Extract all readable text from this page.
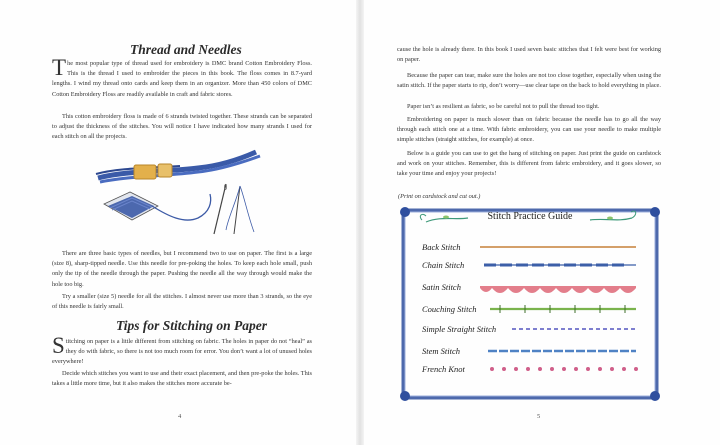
Thread and Needles
The most popular type of thread used for embroidery is DMC brand Cotton Embroidery Floss. This is the thread I used to embroider the pieces in this book. The floss comes in 8.7-yard lengths. I wind my thread onto cards and keep them in an organizer. More than 450 colors of DMC Cotton Embroidery Floss are readily available in craft and fabric stores.
This cotton embroidery floss is made of 6 strands twisted together. These strands can be separated to adjust the thickness of the stitches. You will notice I have indicated how many strands I used for each stitch on all the projects.
There are three basic types of needles, but I recommend two to use on paper. The first is a large (size 8), sharp-tipped needle. Use this needle for pre-poking the holes. To keep each hole small, push only the tip of the needle through the paper. Pushing the needle all the way through would make the hole too big.
Try a smaller (size 5) needle for all the stitches. I almost never use more than 3 strands, so the eye of this needle is fairly small.
Tips for Stitching on Paper
Stitching on paper is a little different from stitching on fabric. The holes in paper do not “heal” as they do with fabric, so there is not too much room for error. You don’t want a lot of unused holes everywhere!
Decide which stitches you want to use and their exact placement, and then pre-poke the holes. This takes a little more time, but it also makes the stitches more accurate be-
4
cause the hole is already there. In this book I used seven basic stitches that I felt were best for working on paper.
Because the paper can tear, make sure the holes are not too close together, especially when using the satin stitch. If the paper starts to rip, don’t worry—use clear tape on the back to hold everything in place.
Paper isn’t as resilient as fabric, so be careful not to pull the thread too tight.
Embroidering on paper is much slower than on fabric because the needle has to go all the way through each stitch one at a time. With fabric embroidery, you can use your needle to make multiple simple stitches (straight stitches, for example) at once.
Below is a guide you can use to get the hang of stitching on paper. Just print the guide on cardstock and work on your stitches. Remember, this is different from fabric embroidery, and it goes slower, so take your time and enjoy your projects!
(Print on cardstock and cut out.)
Stitch Practice Guide
Back Stitch
Chain Stitch
Satin Stitch
Couching Stitch
Simple Straight Stitch
Stem Stitch
French Knot
5
